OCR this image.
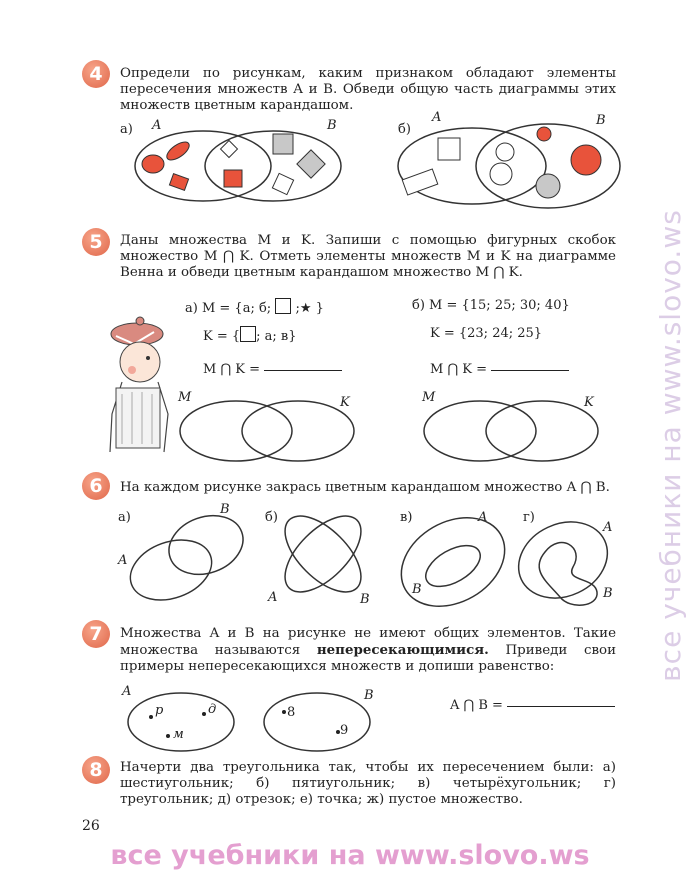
все учебники на www.slovo.ws
4 Определи по рисункам, каким признаком обладают элементы пересечения множеств A и B. Обведи общую часть диаграммы этих множеств цветным карандашом.
а) A	B	б)
A	B
5 Даны множества M и K. Запиши с помощью фигурных скобок множество M ⋂ K. Отметь элементы множеств M и K на диаграмме Венна и обведи цветным карандашом множество M ⋂ K.
а) M = {а; б; ;★ }
K = { ; а; в}
M ⋂ K =
б) M = {15; 25; 30; 40}
K = {23; 24; 25}
M ⋂ K =
M	K	M	K
6 На каждом рисунке закрась цветным карандашом множество A ⋂ B.
а)
B
A
б)
A	B
в)	A
B
г)
A
B
7 Множества A и B на рисунке не имеют общих элементов. Такие множества называются непересекающимися. Приведи свои примеры непересекающихся множеств и допиши равенство:
A	B
р	д
м
8
9
A ⋂ B =
8 Начерти два треугольника так, чтобы их пересечением были: а) шестиугольник; б) пятиугольник; в) четырёхугольник; г) треугольник; д) отрезок; е) точка; ж) пустое множество.
26
все учебники на www.slovo.ws
